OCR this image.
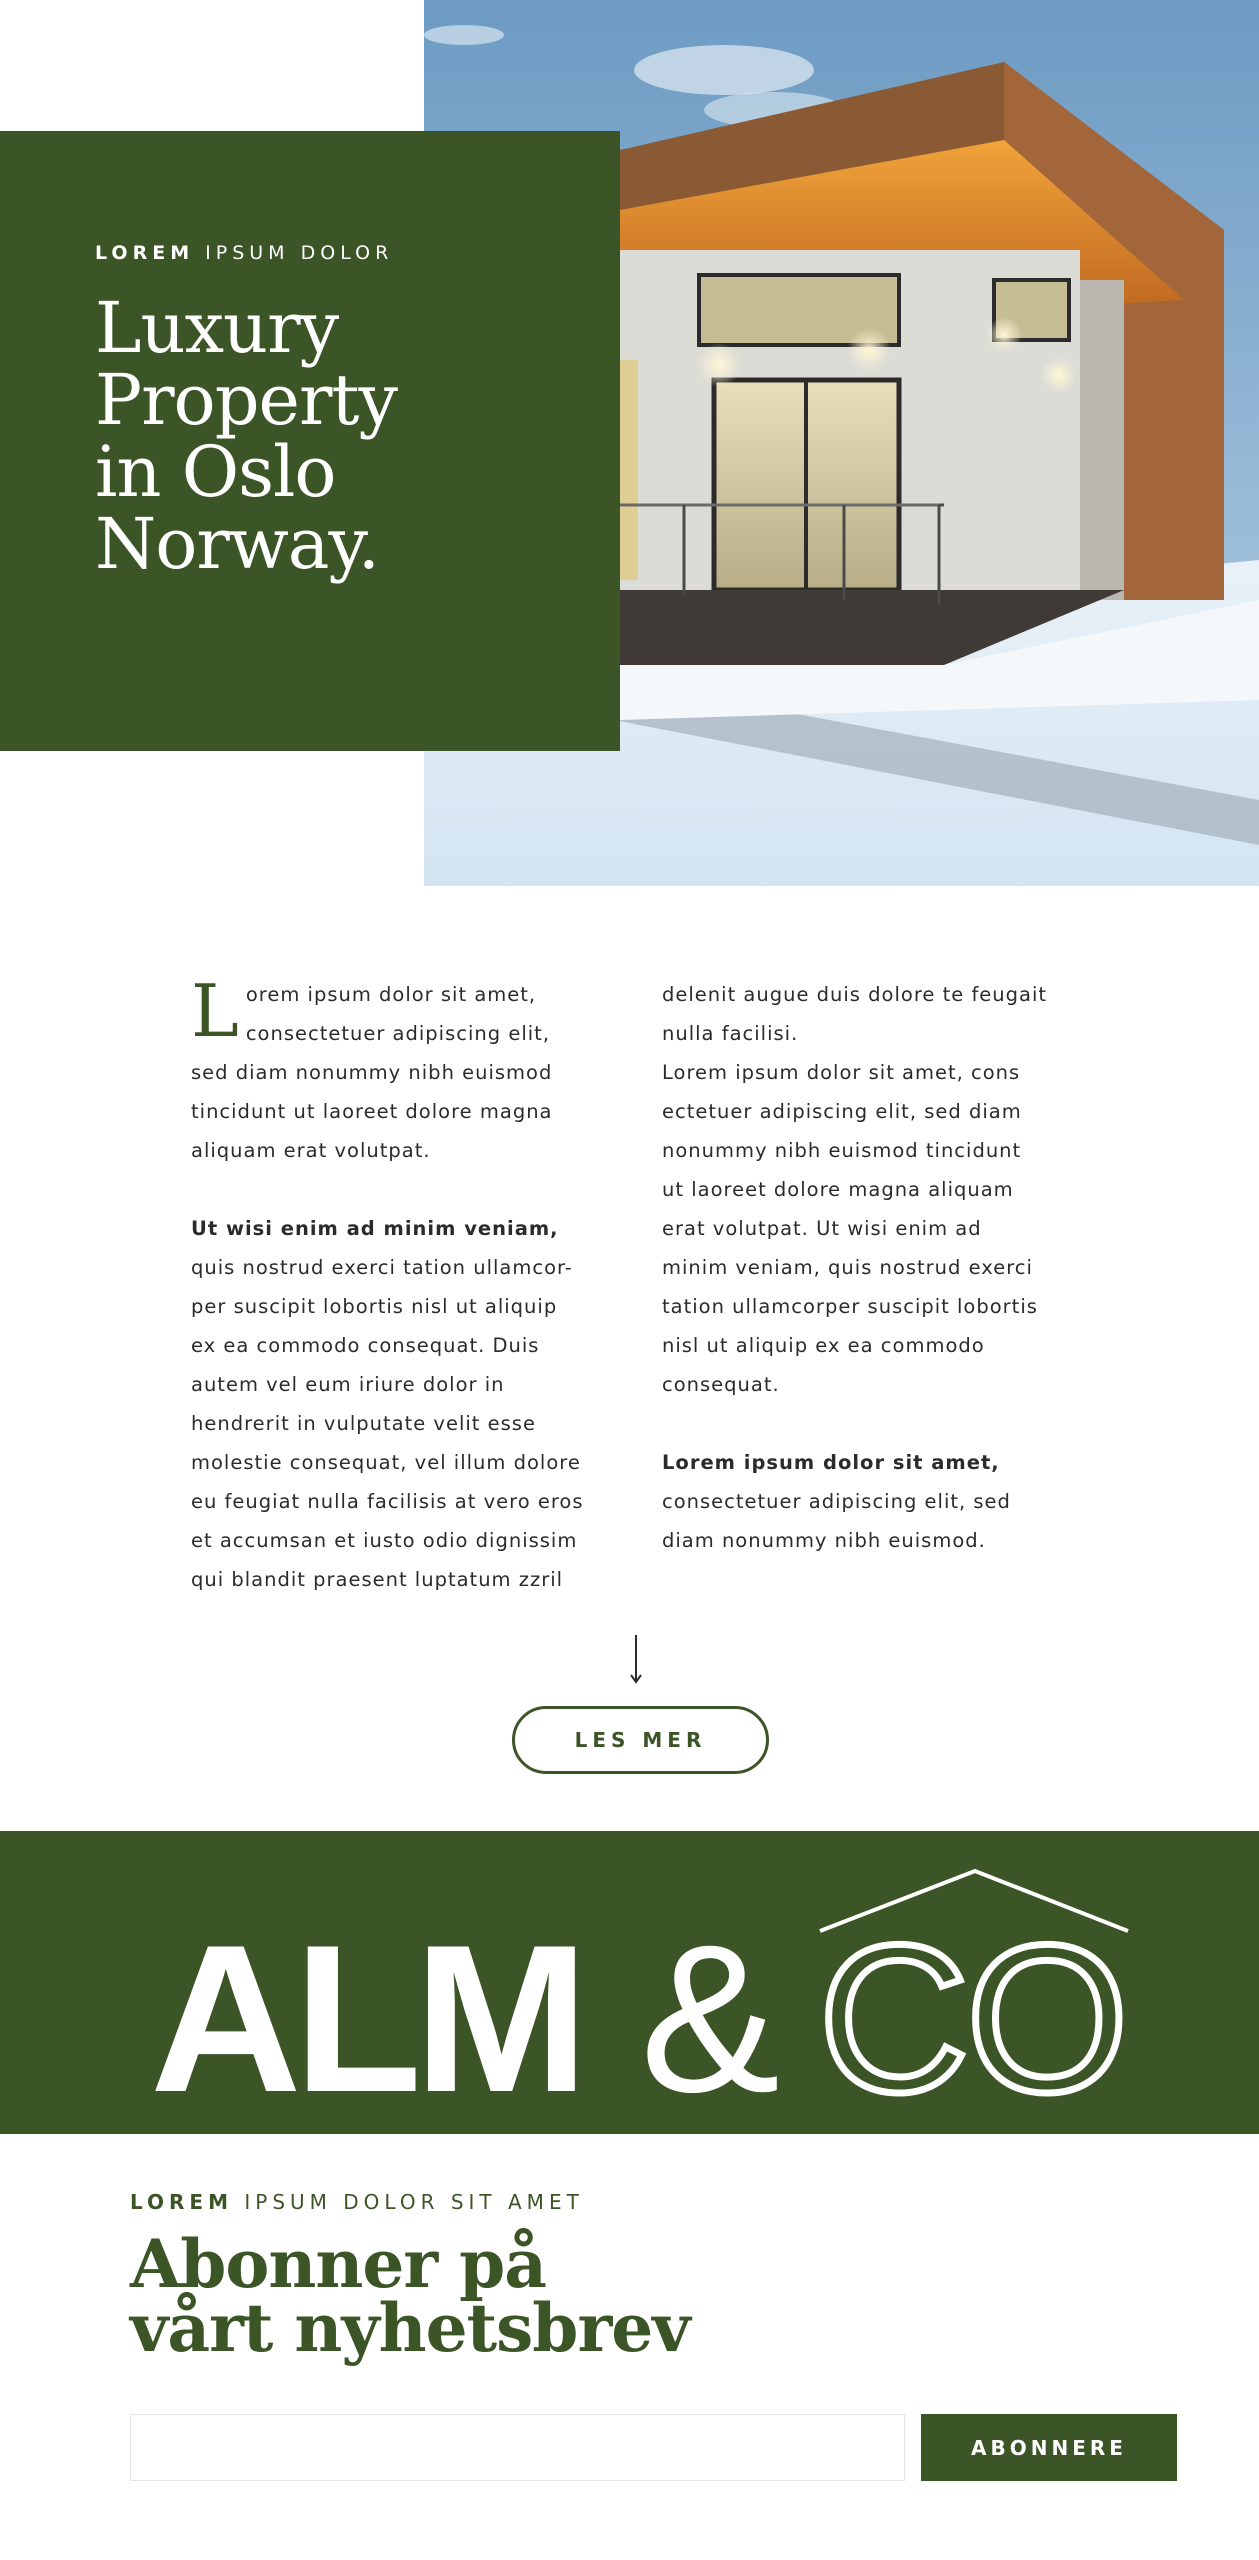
LOREM IPSUM DOLOR
Luxury
Property
in Oslo
Norway.
L orem ipsum dolor sit amet,
consectetuer adipiscing elit,
sed diam nonummy nibh euismod
tincidunt ut laoreet dolore magna
aliquam erat volutpat.
Ut wisi enim ad minim veniam,
quis nostrud exerci tation ullamcor-
per suscipit lobortis nisl ut aliquip
ex ea commodo consequat. Duis
autem vel eum iriure dolor in
hendrerit in vulputate velit esse
molestie consequat, vel illum dolore
eu feugiat nulla facilisis at vero eros
et accumsan et iusto odio dignissim
qui blandit praesent luptatum zzril
delenit augue duis dolore te feugait
nulla facilisi.
Lorem ipsum dolor sit amet, cons
ectetuer adipiscing elit, sed diam
nonummy nibh euismod tincidunt
ut laoreet dolore magna aliquam
erat volutpat. Ut wisi enim ad
minim veniam, quis nostrud exerci
tation ullamcorper suscipit lobortis
nisl ut aliquip ex ea commodo
consequat.
Lorem ipsum dolor sit amet,
consectetuer adipiscing elit, sed
diam nonummy nibh euismod.
LES MER
ALM & CO
LOREM IPSUM DOLOR SIT AMET
Abonner på
vårt nyhetsbrev
ABONNERE
